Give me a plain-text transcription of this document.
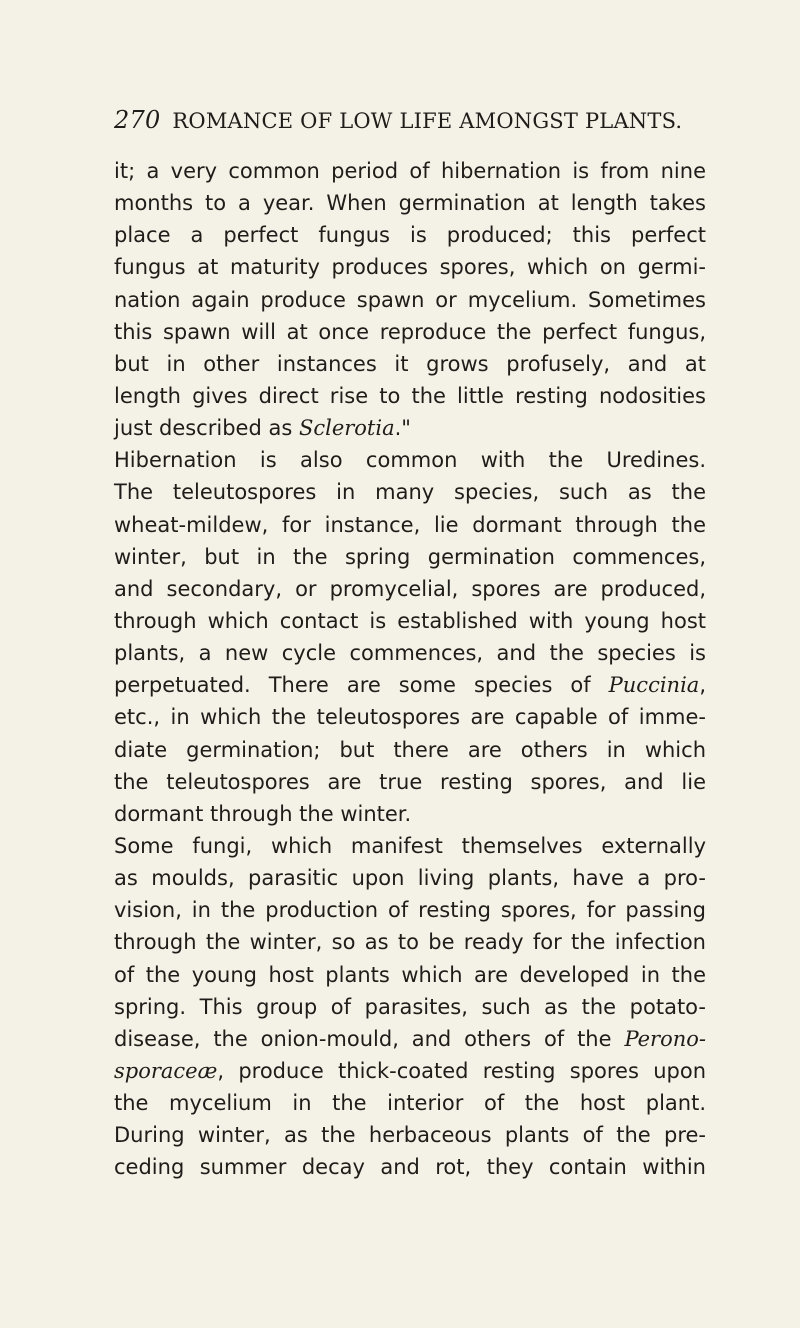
270 ROMANCE OF LOW LIFE AMONGST PLANTS.
it; a very common period of hibernation is from nine
months to a year. When germination at length takes
place a perfect fungus is produced; this perfect
fungus at maturity produces spores, which on germi-
nation again produce spawn or mycelium. Sometimes
this spawn will at once reproduce the perfect fungus,
but in other instances it grows profusely, and at
length gives direct rise to the little resting nodosities
just described as Sclerotia."
Hibernation is also common with the Uredines.
The teleutospores in many species, such as the
wheat-mildew, for instance, lie dormant through the
winter, but in the spring germination commences,
and secondary, or promycelial, spores are produced,
through which contact is established with young host
plants, a new cycle commences, and the species is
perpetuated. There are some species of Puccinia,
etc., in which the teleutospores are capable of imme-
diate germination; but there are others in which
the teleutospores are true resting spores, and lie
dormant through the winter.
Some fungi, which manifest themselves externally
as moulds, parasitic upon living plants, have a pro-
vision, in the production of resting spores, for passing
through the winter, so as to be ready for the infection
of the young host plants which are developed in the
spring. This group of parasites, such as the potato-
disease, the onion-mould, and others of the Perono-
sporaceæ, produce thick-coated resting spores upon
the mycelium in the interior of the host plant.
During winter, as the herbaceous plants of the pre-
ceding summer decay and rot, they contain within
